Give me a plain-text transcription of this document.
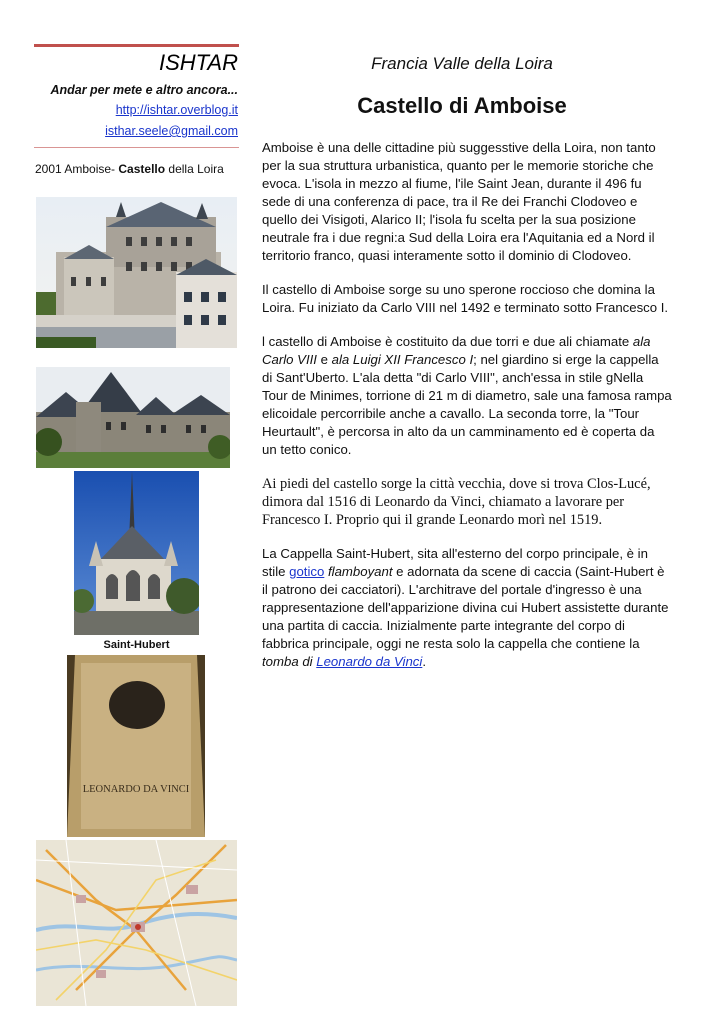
ISHTAR
Andar per mete e altro ancora...
http://ishtar.overblog.it
isthar.seele@gmail.com
2001 Amboise- Castello della Loira
Saint-Hubert
LEONARDO DA VINCI
Francia Valle della Loira
Castello di Amboise

Amboise è una delle cittadine più suggesstive della Loira, non tanto per la sua struttura urbanistica, quanto per le memorie storiche che evoca. L'isola in mezzo al fiume, l'ile Saint Jean, durante il 496 fu sede di una conferenza di pace, tra il Re dei Franchi Clodoveo e quello dei Visigoti, Alarico II; l'isola fu scelta per la sua posizione neutrale fra i due regni:a Sud della Loira era l'Aquitania ed a Nord il territorio franco, quasi interamente sotto il dominio di Clodoveo.

Il castello di Amboise sorge su uno sperone roccioso che domina la Loira. Fu iniziato da Carlo VIII nel 1492 e terminato sotto Francesco I.

l castello di Amboise è costituito da due torri e due ali chiamate ala Carlo VIII e ala Luigi XII Francesco I; nel giardino si erge la cappella di Sant'Uberto. L'ala detta "di Carlo VIII", anch'essa in stile gNella Tour de Minimes, torrione di 21 m di diametro, sale una famosa rampa elicoidale percorribile anche a cavallo. La seconda torre, la "Tour Heurtault", è percorsa in alto da un camminamento ed è coperta da un tetto conico.

Ai piedi del castello sorge la città vecchia, dove si trova Clos-Lucé, dimora dal 1516 di Leonardo da Vinci, chiamato a lavorare per Francesco I. Proprio qui il grande Leonardo morì nel 1519.

La Cappella Saint-Hubert, sita all'esterno del corpo principale, è in stile gotico flamboyant e adornata da scene di caccia (Saint-Hubert è il patrono dei cacciatori). L'architrave del portale d'ingresso è una rappresentazione dell'apparizione divina cui Hubert assistette durante una partita di caccia. Inizialmente parte integrante del corpo di fabbrica principale, oggi ne resta solo la cappella che contiene la tomba di Leonardo da Vinci.
